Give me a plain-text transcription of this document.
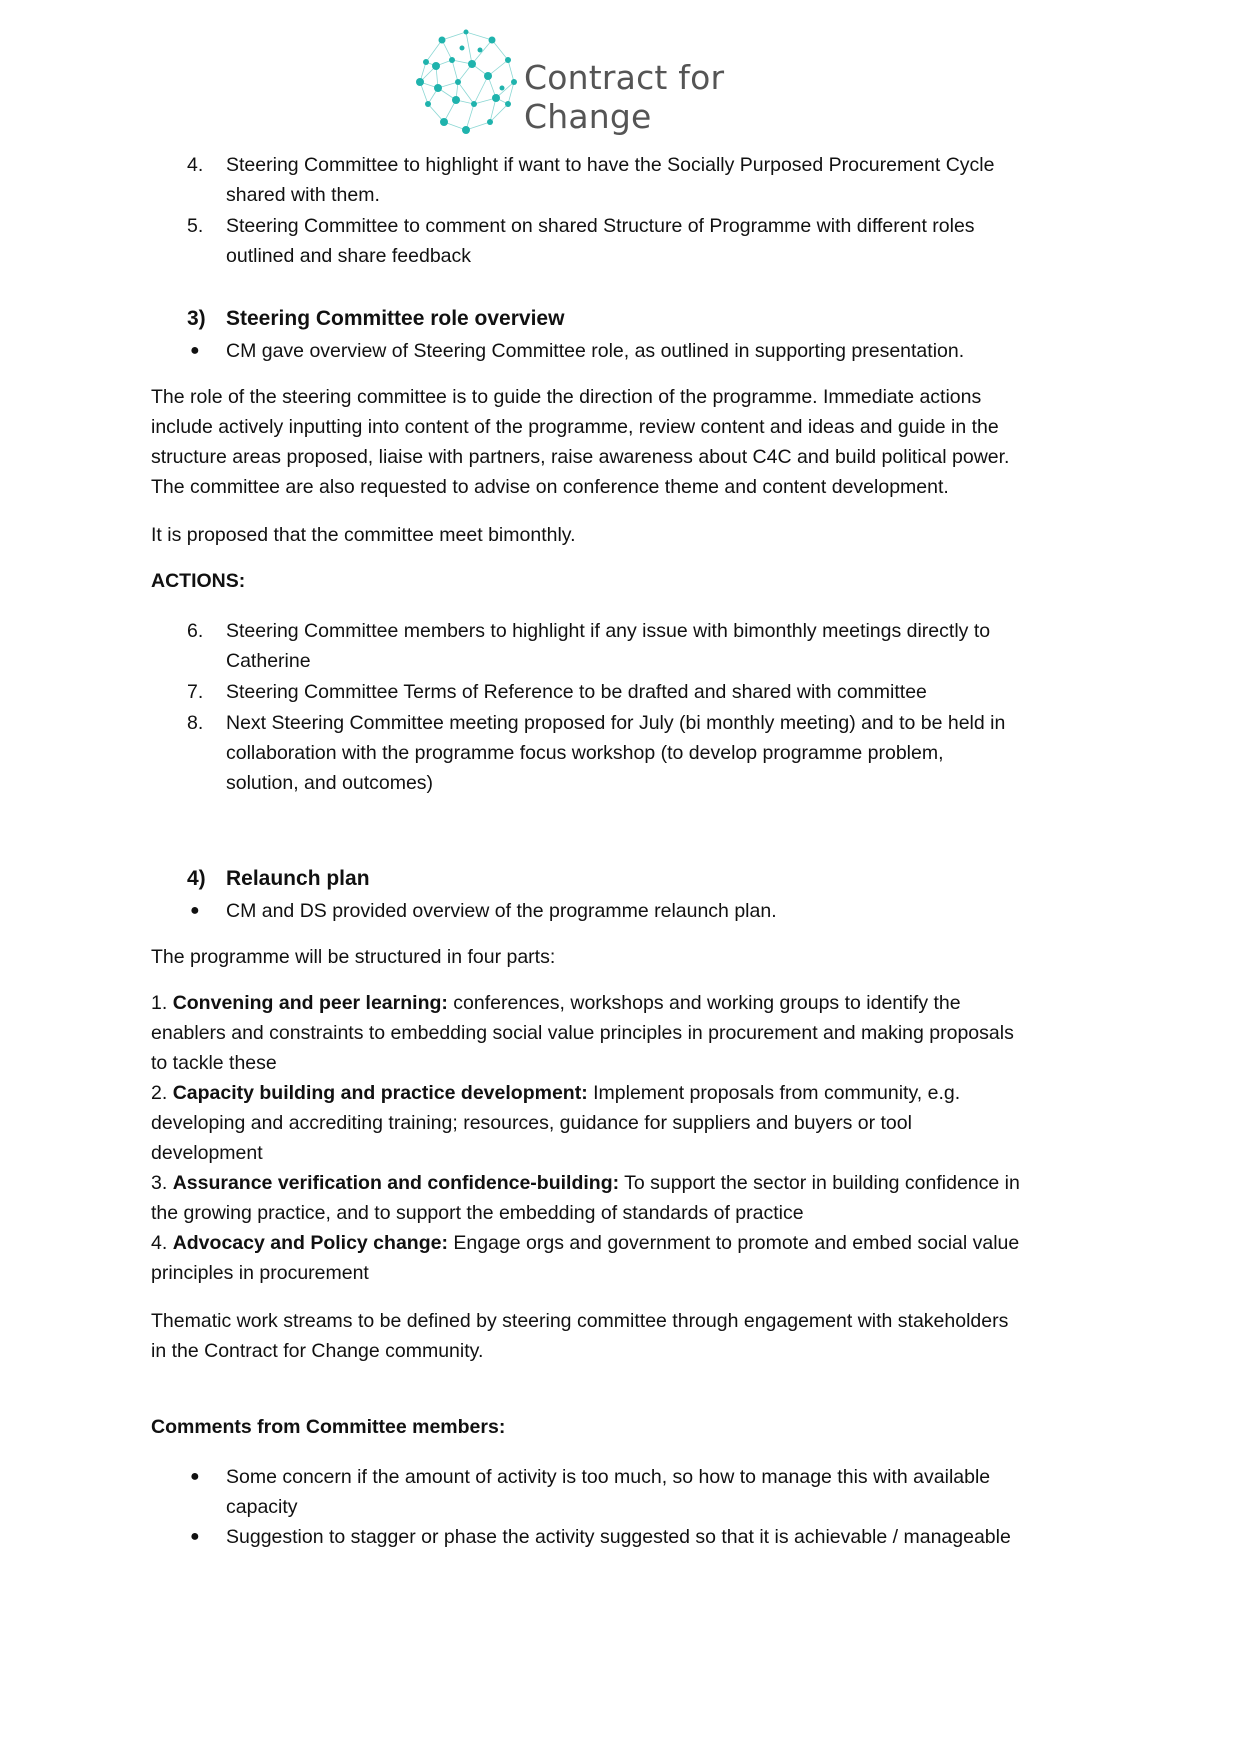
Contract for Change
4. Steering Committee to highlight if want to have the Socially Purposed Procurement Cycle
shared with them.
5. Steering Committee to comment on shared Structure of Programme with different roles
outlined and share feedback
3) Steering Committee role overview
● CM gave overview of Steering Committee role, as outlined in supporting presentation.
The role of the steering committee is to guide the direction of the programme. Immediate actions
include actively inputting into content of the programme, review content and ideas and guide in the
structure areas proposed, liaise with partners, raise awareness about C4C and build political power.
The committee are also requested to advise on conference theme and content development.
It is proposed that the committee meet bimonthly.
ACTIONS:
6. Steering Committee members to highlight if any issue with bimonthly meetings directly to
Catherine
7. Steering Committee Terms of Reference to be drafted and shared with committee
8. Next Steering Committee meeting proposed for July (bi monthly meeting) and to be held in
collaboration with the programme focus workshop (to develop programme problem,
solution, and outcomes)
4) Relaunch plan
● CM and DS provided overview of the programme relaunch plan.
The programme will be structured in four parts:
1. Convening and peer learning: conferences, workshops and working groups to identify the
enablers and constraints to embedding social value principles in procurement and making proposals
to tackle these
2. Capacity building and practice development: Implement proposals from community, e.g.
developing and accrediting training; resources, guidance for suppliers and buyers or tool
development
3. Assurance verification and confidence-building: To support the sector in building confidence in
the growing practice, and to support the embedding of standards of practice
4. Advocacy and Policy change: Engage orgs and government to promote and embed social value
principles in procurement
Thematic work streams to be defined by steering committee through engagement with stakeholders
in the Contract for Change community.
Comments from Committee members:
● Some concern if the amount of activity is too much, so how to manage this with available
capacity
● Suggestion to stagger or phase the activity suggested so that it is achievable / manageable
